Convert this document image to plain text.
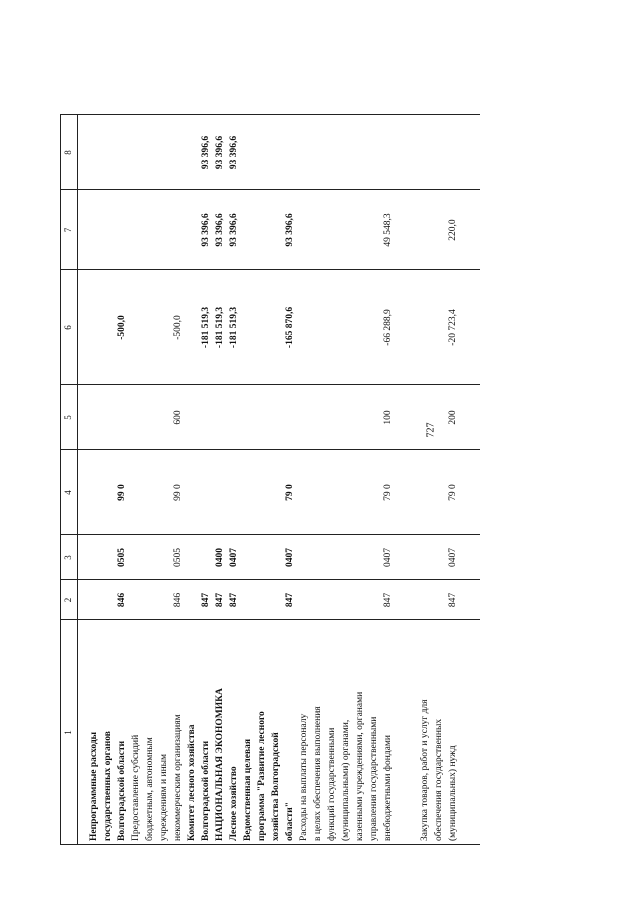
727
1
2
3
4
5
6
7
8
Непрограммные расходы государственных органов Волгоградской области
846
0505
99 0
-500,0
Предоставление субсидий бюджетным, автономным учреждениям и иным некоммерческим организациям
846
0505
99 0
600
-500,0
Комитет лесного хозяйства Волгоградской области
847
-181 519,3
93 396,6
93 396,6
НАЦИОНАЛЬНАЯ ЭКОНОМИКА
847
0400
-181 519,3
93 396,6
93 396,6
Лесное хозяйство
847
0407
-181 519,3
93 396,6
93 396,6
Ведомственная целевая программа "Развитие лесного хозяйства Волгоградской области"
847
0407
79 0
-165 870,6
93 396,6
Расходы на выплаты персоналу в целях обеспечения выполнения функций государственными (муниципальными) органами, казенными учреждениями, органами управления государственными внебюджетными фондами
847
0407
79 0
100
-66 288,9
49 548,3
Закупка товаров, работ и услуг для обеспечения государственных (муниципальных) нужд
847
0407
79 0
200
-20 723,4
220,0
